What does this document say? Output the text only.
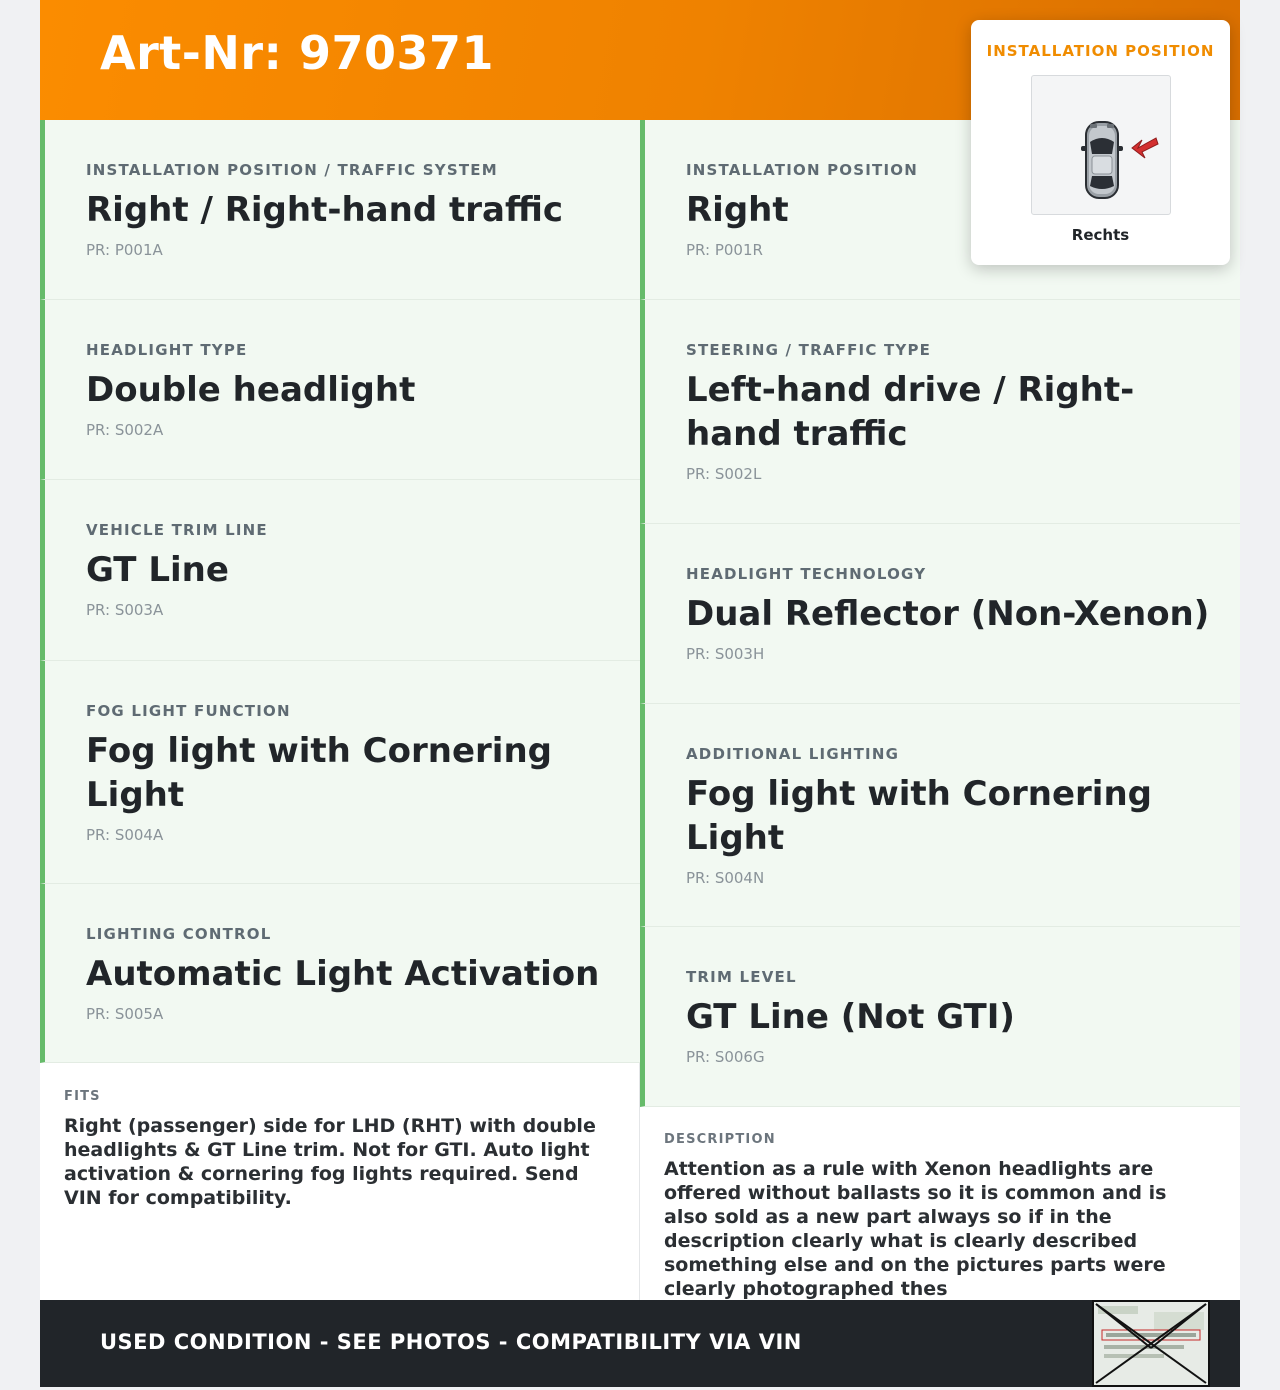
Art-Nr: 970371
INSTALLATION POSITION / TRAFFIC SYSTEM
Right / Right-hand traffic
PR: P001A
HEADLIGHT TYPE
Double headlight
PR: S002A
VEHICLE TRIM LINE
GT Line
PR: S003A
FOG LIGHT FUNCTION
Fog light with Cornering Light
PR: S004A
LIGHTING CONTROL
Automatic Light Activation
PR: S005A
INSTALLATION POSITION
Right
PR: P001R
STEERING / TRAFFIC TYPE
Left-hand drive / Right-hand traffic
PR: S002L
HEADLIGHT TECHNOLOGY
Dual Reflector (Non-Xenon)
PR: S003H
ADDITIONAL LIGHTING
Fog light with Cornering Light
PR: S004N
TRIM LEVEL
GT Line (Not GTI)
PR: S006G
FITS
Right (passenger) side for LHD (RHT) with double headlights & GT Line trim. Not for GTI. Auto light activation & cornering fog lights required. Send VIN for compatibility.
DESCRIPTION
Attention as a rule with Xenon headlights are offered without ballasts so it is common and is also sold as a new part always so if in the description clearly what is clearly described something else and on the pictures parts were clearly photographed thes
USED CONDITION - SEE PHOTOS - COMPATIBILITY VIA VIN
INSTALLATION POSITION
Rechts
